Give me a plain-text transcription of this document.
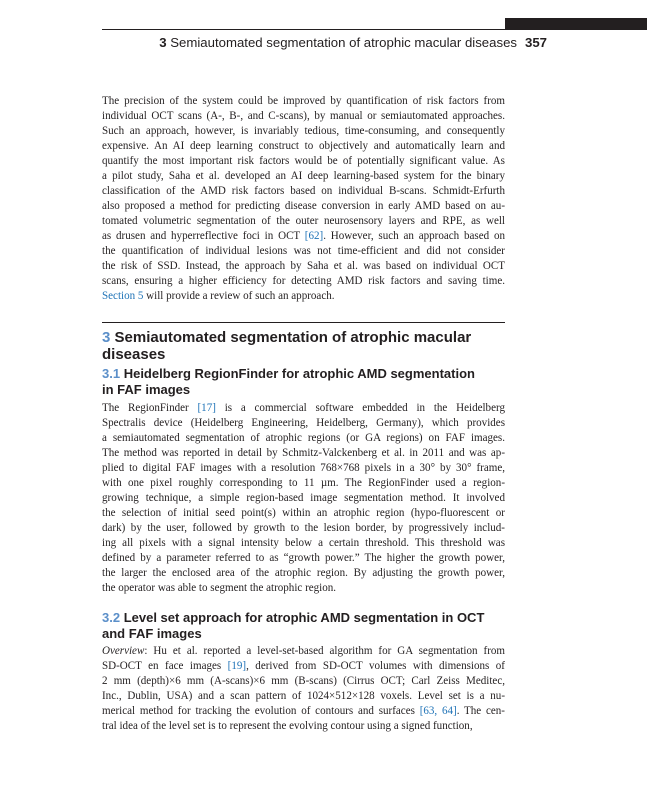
3 Semiautomated segmentation of atrophic macular diseases 357
The precision of the system could be improved by quantification of risk factors from
individual OCT scans (A-, B-, and C-scans), by manual or semiautomated approaches.
Such an approach, however, is invariably tedious, time-consuming, and consequently
expensive. An AI deep learning construct to objectively and automatically learn and
quantify the most important risk factors would be of potentially significant value. As
a pilot study, Saha et al. developed an AI deep learning-based system for the binary
classification of the AMD risk factors based on individual B-scans. Schmidt-Erfurth
also proposed a method for predicting disease conversion in early AMD based on au-
tomated volumetric segmentation of the outer neurosensory layers and RPE, as well
as drusen and hyperreflective foci in OCT [62]. However, such an approach based on
the quantification of individual lesions was not time-efficient and did not consider
the risk of SSD. Instead, the approach by Saha et al. was based on individual OCT
scans, ensuring a higher efficiency for detecting AMD risk factors and saving time.
Section 5 will provide a review of such an approach.
3 Semiautomated segmentation of atrophic macular
diseases
3.1 Heidelberg RegionFinder for atrophic AMD segmentation
in FAF images
The RegionFinder [17] is a commercial software embedded in the Heidelberg
Spectralis device (Heidelberg Engineering, Heidelberg, Germany), which provides
a semiautomated segmentation of atrophic regions (or GA regions) on FAF images.
The method was reported in detail by Schmitz-Valckenberg et al. in 2011 and was ap-
plied to digital FAF images with a resolution 768×768 pixels in a 30° by 30° frame,
with one pixel roughly corresponding to 11 µm. The RegionFinder used a region-
growing technique, a simple region-based image segmentation method. It involved
the selection of initial seed point(s) within an atrophic region (hypo-fluorescent or
dark) by the user, followed by growth to the lesion border, by progressively includ-
ing all pixels with a signal intensity below a certain threshold. This threshold was
defined by a parameter referred to as “growth power.” The higher the growth power,
the larger the enclosed area of the atrophic region. By adjusting the growth power,
the operator was able to segment the atrophic region.
3.2 Level set approach for atrophic AMD segmentation in OCT
and FAF images
Overview: Hu et al. reported a level-set-based algorithm for GA segmentation from
SD-OCT en face images [19], derived from SD-OCT volumes with dimensions of
2 mm (depth)×6 mm (A-scans)×6 mm (B-scans) (Cirrus OCT; Carl Zeiss Meditec,
Inc., Dublin, USA) and a scan pattern of 1024×512×128 voxels. Level set is a nu-
merical method for tracking the evolution of contours and surfaces [63, 64]. The cen-
tral idea of the level set is to represent the evolving contour using a signed function,
